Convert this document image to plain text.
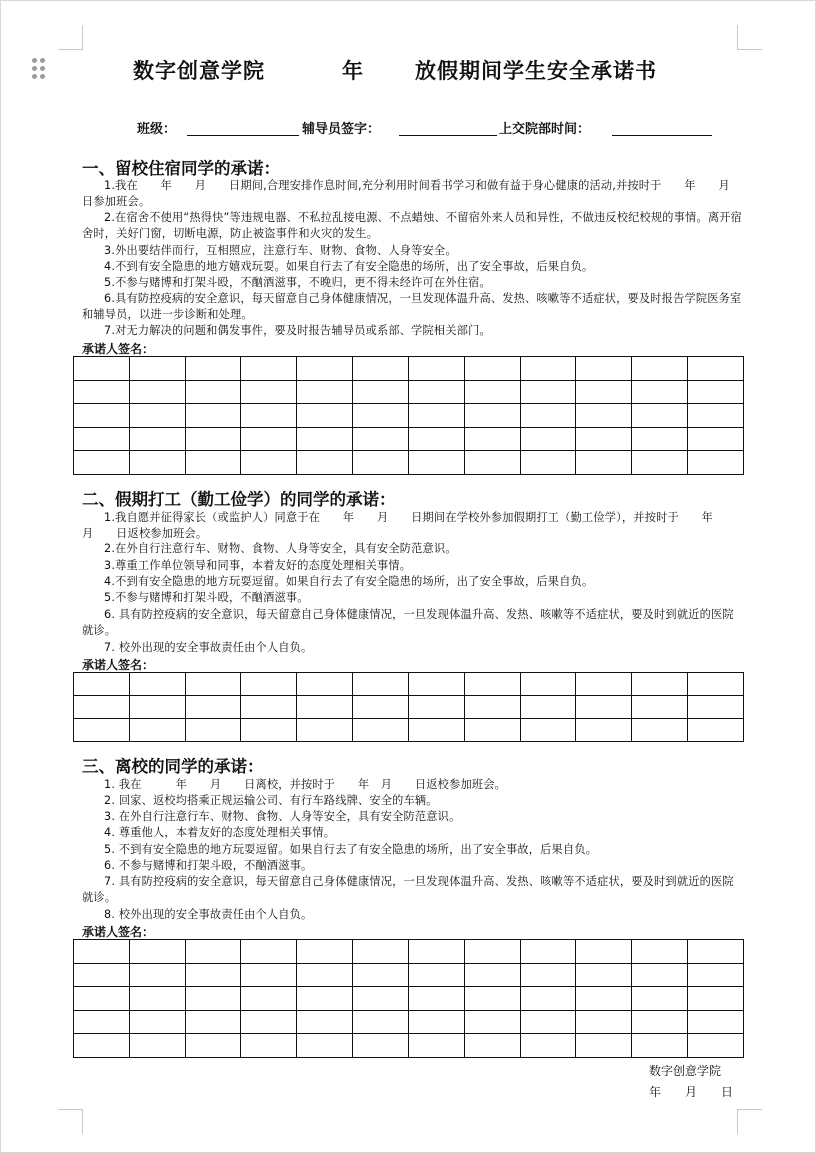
数字创意学院	年 放假期间学生安全承诺书
班级：	辅导员签字：	上交院部时间：
一、留校住宿同学的承诺：
1.我在　　年　　月　　日期间,合理安排作息时间,充分利用时间看书学习和做有益于身心健康的活动,并按时于　　年　　月　日参加班会。
2.在宿舍不使用“热得快”等违规电器、不私拉乱接电源、不点蜡烛、不留宿外来人员和异性，不做违反校纪校规的事情。离开宿舍时，关好门窗，切断电源，防止被盗事件和火灾的发生。
3.外出要结伴而行，互相照应，注意行车、财物、食物、人身等安全。
4.不到有安全隐患的地方嬉戏玩耍。如果自行去了有安全隐患的场所，出了安全事故，后果自负。
5.不参与赌博和打架斗殴，不酗酒滋事，不晚归，更不得未经许可在外住宿。
6.具有防控疫病的安全意识，每天留意自己身体健康情况，一旦发现体温升高、发热、咳嗽等不适症状，要及时报告学院医务室和辅导员，以进一步诊断和处理。
7.对无力解决的问题和偶发事件，要及时报告辅导员或系部、学院相关部门。
承诺人签名：

二、假期打工（勤工俭学）的同学的承诺：
1.我自愿并征得家长（或监护人）同意于在　　年　　月　　日期间在学校外参加假期打工（勤工俭学），并按时于　　年　　月　　日返校参加班会。
2.在外自行注意行车、财物、食物、人身等安全，具有安全防范意识。
3.尊重工作单位领导和同事，本着友好的态度处理相关事情。
4.不到有安全隐患的地方玩耍逗留。如果自行去了有安全隐患的场所，出了安全事故，后果自负。
5.不参与赌博和打架斗殴，不酗酒滋事。
6. 具有防控疫病的安全意识，每天留意自己身体健康情况，一旦发现体温升高、发热、咳嗽等不适症状，要及时到就近的医院就诊。
7. 校外出现的安全事故责任由个人自负。
承诺人签名：

三、离校的同学的承诺：
1. 我在　　　年　　月　　日离校，并按时于　　年　月　　日返校参加班会。
2. 回家、返校均搭乘正规运输公司、有行车路线牌、安全的车辆。
3. 在外自行注意行车、财物、食物、人身等安全，具有安全防范意识。
4. 尊重他人，本着友好的态度处理相关事情。
5. 不到有安全隐患的地方玩耍逗留。如果自行去了有安全隐患的场所，出了安全事故，后果自负。
6. 不参与赌博和打架斗殴，不酗酒滋事。
7. 具有防控疫病的安全意识，每天留意自己身体健康情况，一旦发现体温升高、发热、咳嗽等不适症状，要及时到就近的医院就诊。
8. 校外出现的安全事故责任由个人自负。
承诺人签名：

数字创意学院
年　　月　　日
